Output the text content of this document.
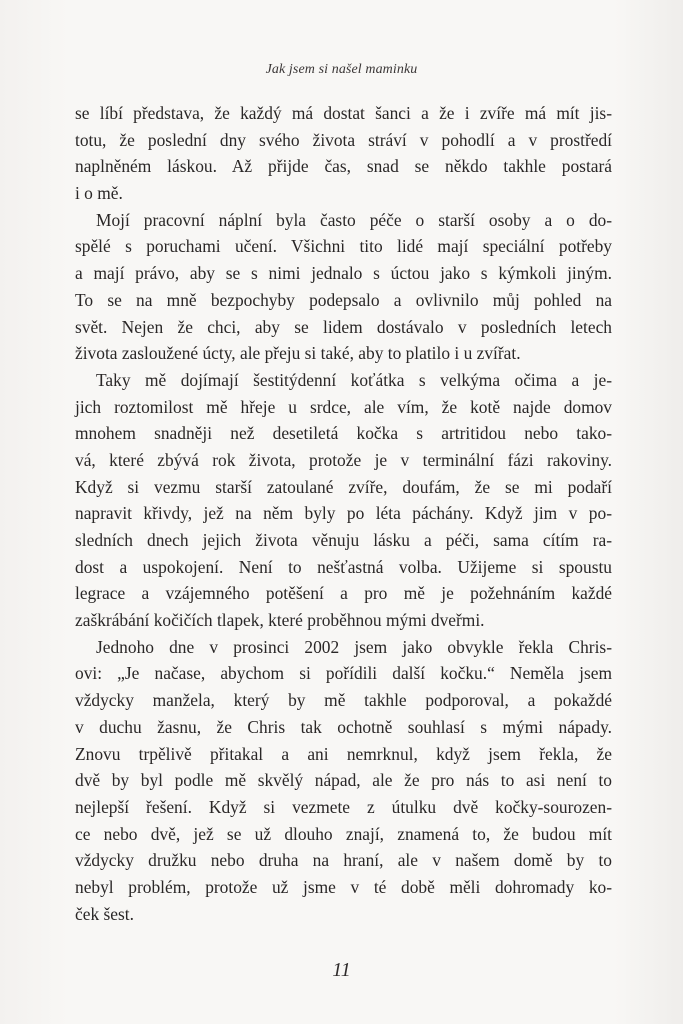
Jak jsem si našel maminku
se líbí představa, že každý má dostat šanci a že i zvíře má mít jis-
totu, že poslední dny svého života stráví v pohodlí a v prostředí
naplněném láskou. Až přijde čas, snad se někdo takhle postará
i o mě.
Mojí pracovní náplní byla často péče o starší osoby a o do-
spělé s poruchami učení. Všichni tito lidé mají speciální potřeby
a mají právo, aby se s nimi jednalo s úctou jako s kýmkoli jiným.
To se na mně bezpochyby podepsalo a ovlivnilo můj pohled na
svět. Nejen že chci, aby se lidem dostávalo v posledních letech
života zasloužené úcty, ale přeju si také, aby to platilo i u zvířat.
Taky mě dojímají šestitýdenní koťátka s velkýma očima a je-
jich roztomilost mě hřeje u srdce, ale vím, že kotě najde domov
mnohem snadněji než desetiletá kočka s artritidou nebo tako-
vá, které zbývá rok života, protože je v terminální fázi rakoviny.
Když si vezmu starší zatoulané zvíře, doufám, že se mi podaří
napravit křivdy, jež na něm byly po léta páchány. Když jim v po-
sledních dnech jejich života věnuju lásku a péči, sama cítím ra-
dost a uspokojení. Není to nešťastná volba. Užijeme si spoustu
legrace a vzájemného potěšení a pro mě je požehnáním každé
zaškrábání kočičích tlapek, které proběhnou mými dveřmi.
Jednoho dne v prosinci 2002 jsem jako obvykle řekla Chris-
ovi: „Je načase, abychom si pořídili další kočku.“ Neměla jsem
vždycky manžela, který by mě takhle podporoval, a pokaždé
v duchu žasnu, že Chris tak ochotně souhlasí s mými nápady.
Znovu trpělivě přitakal a ani nemrknul, když jsem řekla, že
dvě by byl podle mě skvělý nápad, ale že pro nás to asi není to
nejlepší řešení. Když si vezmete z útulku dvě kočky-sourozen-
ce nebo dvě, jež se už dlouho znají, znamená to, že budou mít
vždycky družku nebo druha na hraní, ale v našem domě by to
nebyl problém, protože už jsme v té době měli dohromady ko-
ček šest.
11
